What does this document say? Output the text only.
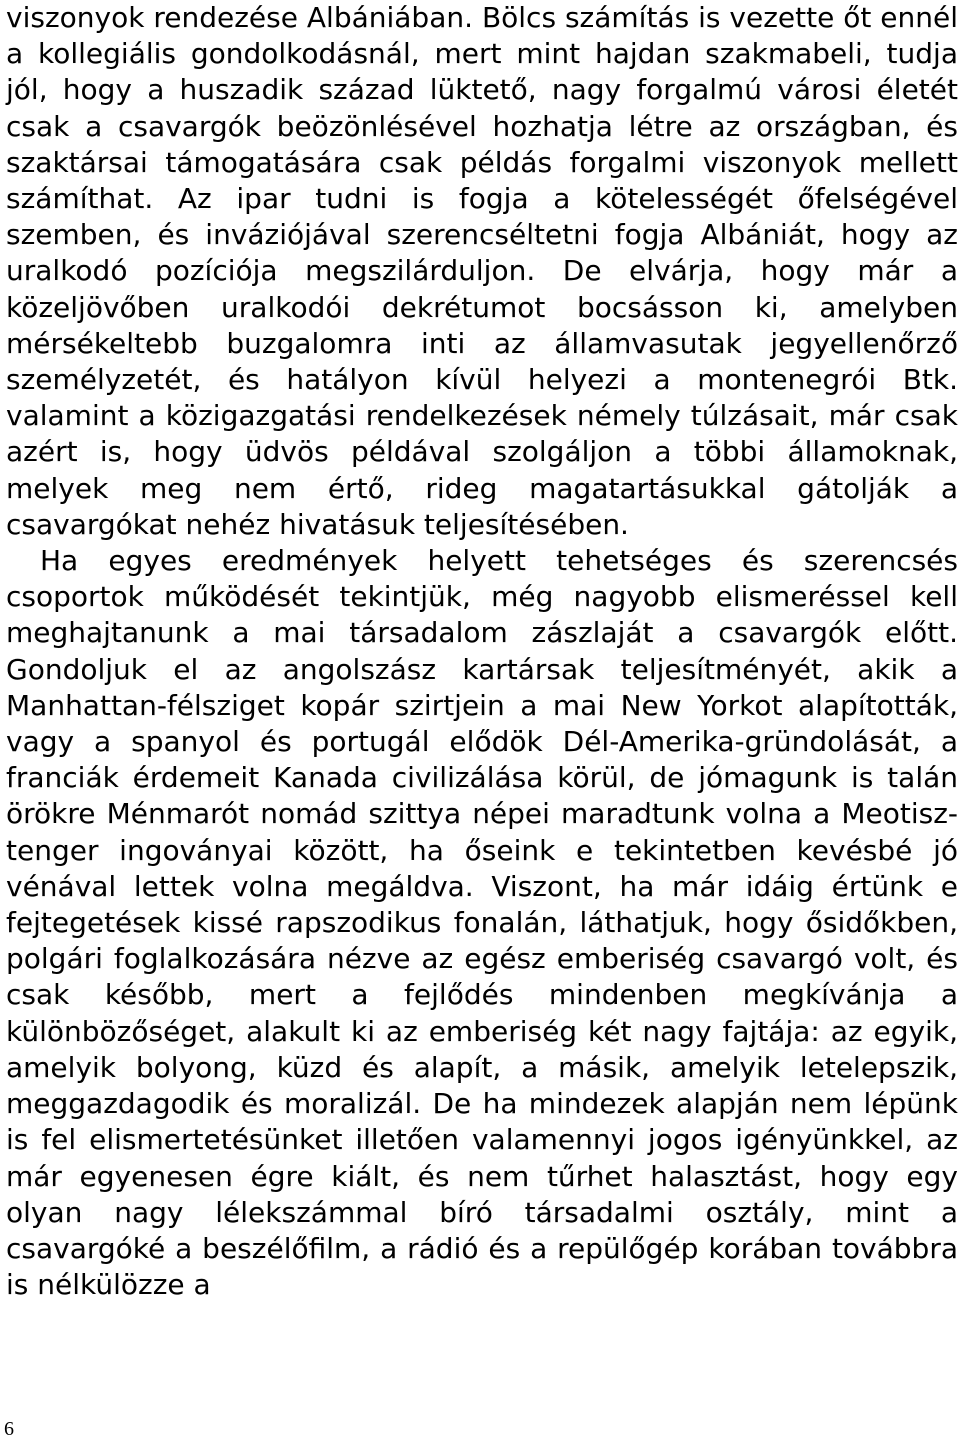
viszonyok rendezése Albániában. Bölcs számítás is vezette őt ennél a kollegiális gondolkodásnál, mert mint hajdan szakmabeli, tudja jól, hogy a huszadik század lüktető, nagy forgalmú városi életét csak a csavargók beözönlésével hozhatja létre az országban, és szaktársai támogatására csak példás forgalmi viszonyok mellett számíthat. Az ipar tudni is fogja a kötelességét őfelségével szemben, és inváziójával szerencséltetni fogja Albániát, hogy az uralkodó pozíciója megszilárduljon. De elvárja, hogy már a közeljövőben uralkodói dekrétumot bocsásson ki, amelyben mérsékeltebb buzgalomra inti az államvasutak jegyellenőrző személyzetét, és hatályon kívül helyezi a montenegrói Btk. valamint a közigazgatási rendelkezések némely túlzásait, már csak azért is, hogy üdvös példával szolgáljon a többi államoknak, melyek meg nem értő, rideg magatartásukkal gátolják a csavargókat nehéz hivatásuk teljesítésében.

Ha egyes eredmények helyett tehetséges és szerencsés csoportok működését tekintjük, még nagyobb elismeréssel kell meghajtanunk a mai társadalom zászlaját a csavargók előtt. Gondoljuk el az angolszász kartársak teljesítményét, akik a Manhattan-félsziget kopár szirtjein a mai New Yorkot alapították, vagy a spanyol és portugál elődök Dél-Amerika-gründolását, a franciák érdemeit Kanada civilizálása körül, de jómagunk is talán örökre Ménmarót nomád szittya népei maradtunk volna a Meotisz-tenger ingoványai között, ha őseink e tekintetben kevésbé jó vénával lettek volna megáldva. Viszont, ha már idáig értünk e fejtegetések kissé rapszodikus fonalán, láthatjuk, hogy ősidőkben, polgári foglalkozására nézve az egész emberiség csavargó volt, és csak később, mert a fejlődés mindenben megkívánja a különbözőséget, alakult ki az emberiség két nagy fajtája: az egyik, amelyik bolyong, küzd és alapít, a másik, amelyik letelepszik, meggazdagodik és moralizál. De ha mindezek alapján nem lépünk is fel elismertetésünket illetően valamennyi jogos igényünkkel, az már egyenesen égre kiált, és nem tűrhet halasztást, hogy egy olyan nagy lélekszámmal bíró társadalmi osztály, mint a csavargóké a beszélőfilm, a rádió és a repülőgép korában továbbra is nélkülözze a

6
